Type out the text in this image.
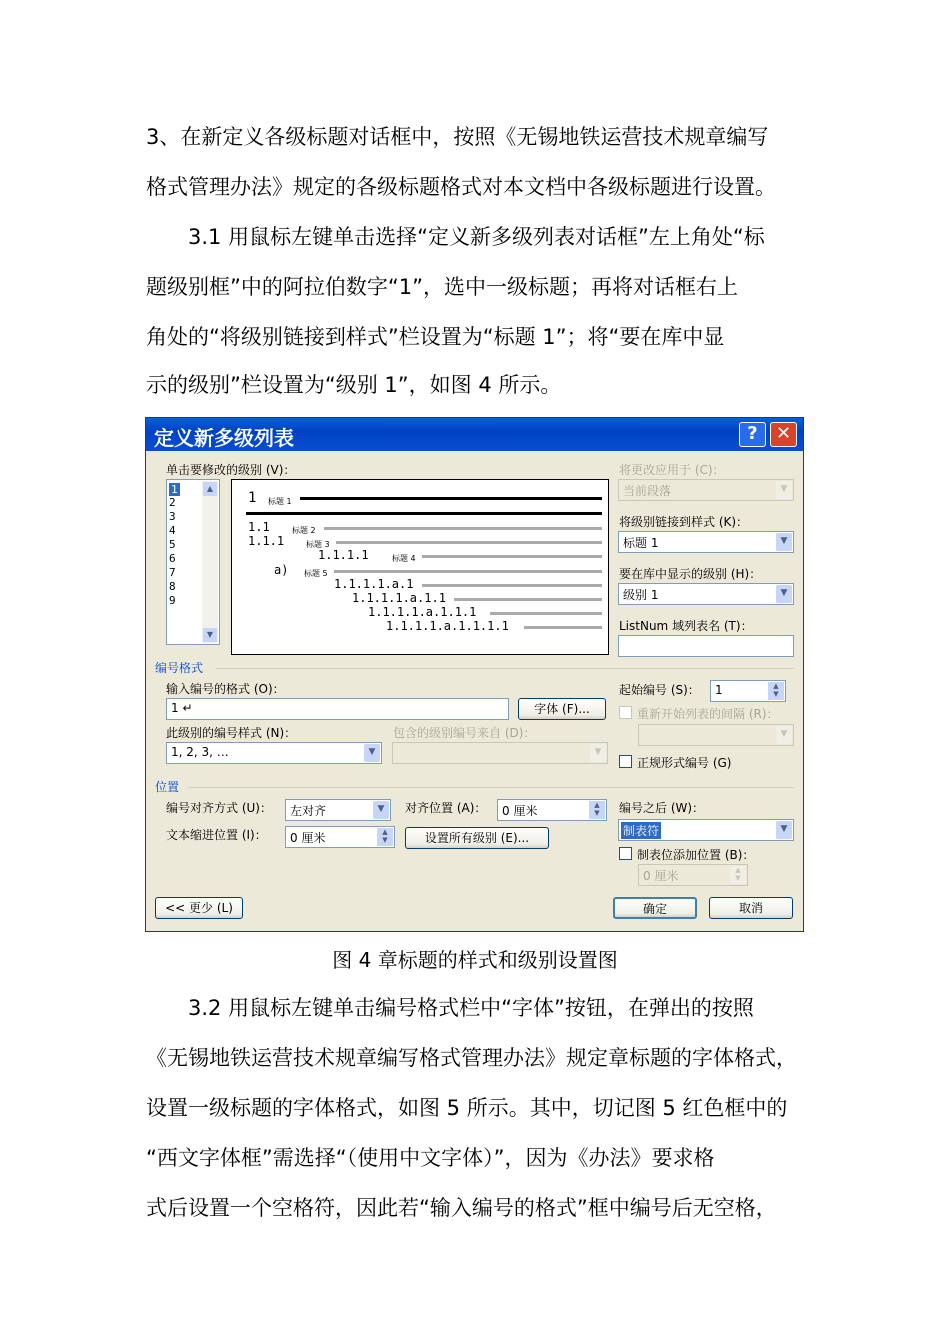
3、在新定义各级标题对话框中，按照《无锡地铁运营技术规章编写
格式管理办法》规定的各级标题格式对本文档中各级标题进行设置。
3.1 用鼠标左键单击选择“定义新多级列表对话框”左上角处“标
题级别框”中的阿拉伯数字“1”，选中一级标题；再将对话框右上
角处的“将级别链接到样式”栏设置为“标题 1”；将“要在库中显
示的级别”栏设置为“级别 1”，如图 4 所示。
定义新多级列表	?	✕
单击要修改的级别 (V)：
1
2
3
4
5
6
7
8
9
▲
▼
1 标题 1
1.1	标题 2
1.1.1	标题 3
1.1.1.1	标题 4
a) 标题 5
1.1.1.1.a.1
1.1.1.1.a.1.1
1.1.1.1.a.1.1.1
1.1.1.1.a.1.1.1.1
将更改应用于 (C)：
当前段落	▼
将级别链接到样式 (K)：
标题 1	▼
要在库中显示的级别 (H)：
级别 1	▼
ListNum 域列表名 (T)：
编号格式
输入编号的格式 (O)：
1 ↵	字体 (F)...
起始编号 (S)： 1	▲
▼
重新开始列表的间隔 (R)：
▼
此级别的编号样式 (N)：
1, 2, 3, …	▼
包含的级别编号来自 (D)：
▼
正规形式编号 (G)
位置
编号对齐方式 (U)： 左对齐	▼	对齐位置 (A)： 0 厘米	▲
▼	编号之后 (W)：
制表符	▼
文本缩进位置 (I)： 0 厘米	▲
▼	设置所有级别 (E)...
制表位添加位置 (B)：
0 厘米	▲
▼
<< 更少 (L)	确定	取消
图 4 章标题的样式和级别设置图
3.2 用鼠标左键单击编号格式栏中“字体”按钮，在弹出的按照
《无锡地铁运营技术规章编写格式管理办法》规定章标题的字体格式，
设置一级标题的字体格式，如图 5 所示。其中，切记图 5 红色框中的
“西文字体框”需选择“（使用中文字体）”，因为《办法》要求格
式后设置一个空格符，因此若“输入编号的格式”框中编号后无空格，
